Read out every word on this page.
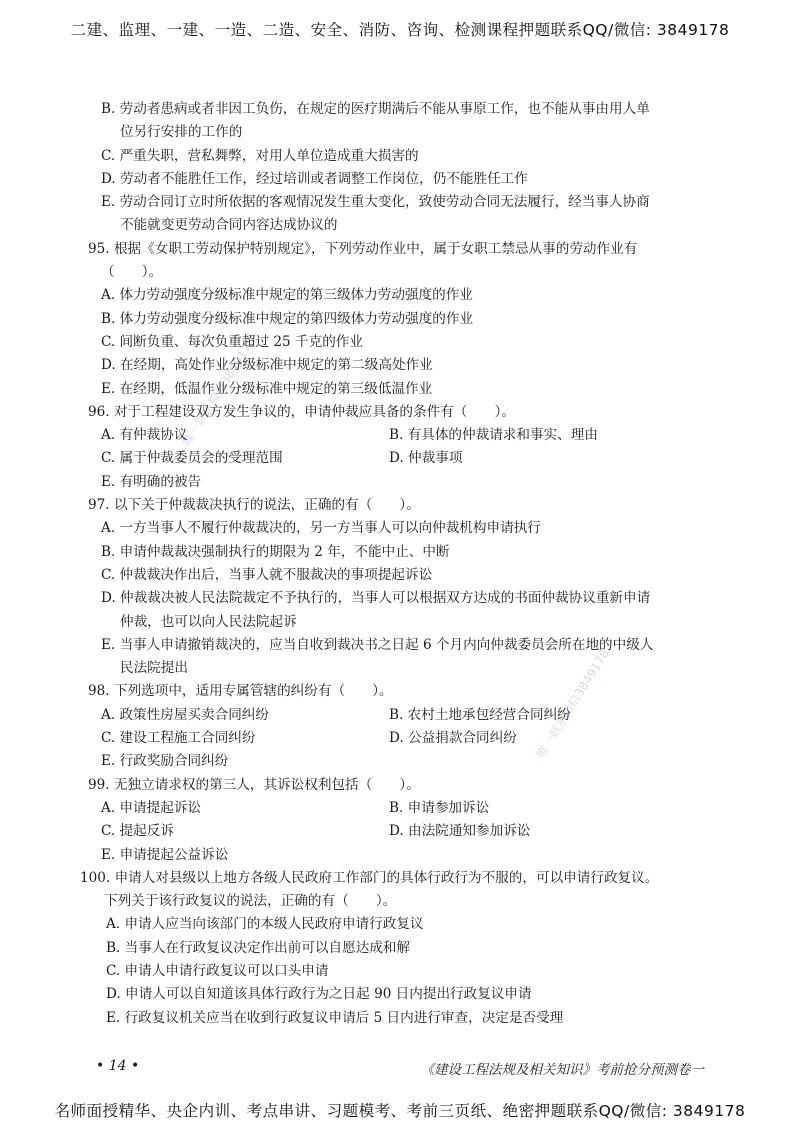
二建、监理、一建、一造、二造、安全、消防、咨询、检测课程押题联系QQ/微信: 3849178
唯一联系微信3849178
唯一联系微信3849178
B. 劳动者患病或者非因工负伤，在规定的医疗期满后不能从事原工作，也不能从事由用人单
位另行安排的工作的
C. 严重失职，营私舞弊，对用人单位造成重大损害的
D. 劳动者不能胜任工作，经过培训或者调整工作岗位，仍不能胜任工作
E. 劳动合同订立时所依据的客观情况发生重大变化，致使劳动合同无法履行，经当事人协商
不能就变更劳动合同内容达成协议的
95. 根据《女职工劳动保护特别规定》，下列劳动作业中，属于女职工禁忌从事的劳动作业有
（　　）。
A. 体力劳动强度分级标准中规定的第三级体力劳动强度的作业
B. 体力劳动强度分级标准中规定的第四级体力劳动强度的作业
C. 间断负重、每次负重超过 25 千克的作业
D. 在经期，高处作业分级标准中规定的第二级高处作业
E. 在经期，低温作业分级标准中规定的第三级低温作业
96. 对于工程建设双方发生争议的，申请仲裁应具备的条件有（　　）。
A. 有仲裁协议	B. 有具体的仲裁请求和事实、理由
C. 属于仲裁委员会的受理范围	D. 仲裁事项
E. 有明确的被告
97. 以下关于仲裁裁决执行的说法，正确的有（　　）。
A. 一方当事人不履行仲裁裁决的，另一方当事人可以向仲裁机构申请执行
B. 申请仲裁裁决强制执行的期限为 2 年，不能中止、中断
C. 仲裁裁决作出后，当事人就不服裁决的事项提起诉讼
D. 仲裁裁决被人民法院裁定不予执行的，当事人可以根据双方达成的书面仲裁协议重新申请
仲裁，也可以向人民法院起诉
E. 当事人申请撤销裁决的，应当自收到裁决书之日起 6 个月内向仲裁委员会所在地的中级人
民法院提出
98. 下列选项中，适用专属管辖的纠纷有（　　）。
A. 政策性房屋买卖合同纠纷	B. 农村土地承包经营合同纠纷
C. 建设工程施工合同纠纷	D. 公益捐款合同纠纷
E. 行政奖励合同纠纷
99. 无独立请求权的第三人，其诉讼权利包括（　　）。
A. 申请提起诉讼	B. 申请参加诉讼
C. 提起反诉	D. 由法院通知参加诉讼
E. 申请提起公益诉讼
100. 申请人对县级以上地方各级人民政府工作部门的具体行政行为不服的，可以申请行政复议。
下列关于该行政复议的说法，正确的有（　　）。
A. 申请人应当向该部门的本级人民政府申请行政复议
B. 当事人在行政复议决定作出前可以自愿达成和解
C. 申请人申请行政复议可以口头申请
D. 申请人可以自知道该具体行政行为之日起 90 日内提出行政复议申请
E. 行政复议机关应当在收到行政复议申请后 5 日内进行审查，决定是否受理
• 14 •	《建设工程法规及相关知识》考前抢分预测卷一
名师面授精华、央企内训、考点串讲、习题模考、考前三页纸、绝密押题联系QQ/微信: 3849178
